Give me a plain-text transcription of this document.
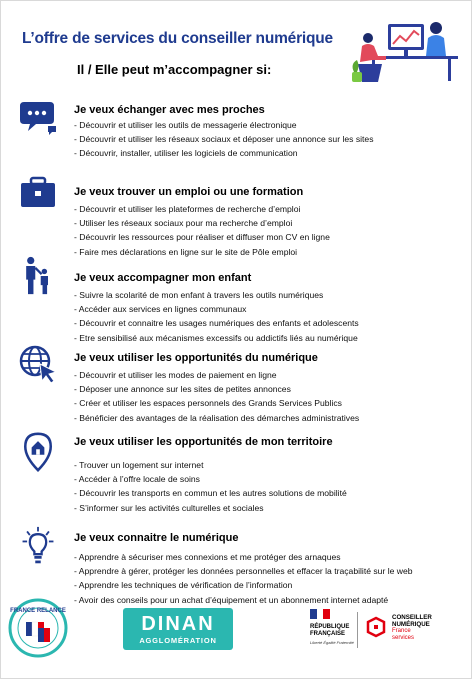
L’offre de services du conseiller numérique
Il / Elle peut m’accompagner si:
Je veux échanger avec mes proches
- Découvrir et utiliser les outils de messagerie électronique
- Découvrir et utiliser les réseaux sociaux et déposer une annonce sur les sites
- Découvrir, installer, utiliser les logiciels de communication
Je veux trouver un emploi ou une formation
- Découvrir et utiliser les plateformes de recherche d’emploi
- Utiliser les réseaux sociaux pour ma recherche d’emploi
- Découvrir les ressources pour réaliser et diffuser mon CV en ligne
- Faire mes déclarations en ligne sur le site de Pôle emploi
Je veux accompagner mon enfant
- Suivre la scolarité de mon enfant à travers les outils numériques
- Accéder aux services en lignes communaux
- Découvrir et connaitre les usages numériques des enfants et adolescents
- Etre sensibilisé aux mécanismes excessifs ou addictifs liés au numérique
Je veux utiliser les opportunités du numérique
- Découvrir et utiliser les modes de paiement en ligne
- Déposer une annonce sur les sites de petites annonces
- Créer et utiliser les espaces personnels des Grands Services Publics
- Bénéficier des avantages de la réalisation des démarches administratives
Je veux utiliser les opportunités de mon territoire
- Trouver un logement sur internet
- Accéder à l’offre locale de soins
- Découvrir les transports en commun et les autres solutions de mobilité
- S’informer sur les activités culturelles et sociales
Je veux connaitre le numérique
- Apprendre à sécuriser mes connexions et me protéger des arnaques
- Apprendre à gérer, protéger les données personnelles et effacer la traçabilité sur le web
- Apprendre les techniques de vérification de l’information
- Avoir des conseils pour un achat d’équipement et un abonnement internet adapté
FRANCE RELANCE
DINAN
AGGLOMÉRATION
RÉPUBLIQUE
FRANÇAISE
Liberté Égalité Fraternité
CONSEILLER
NUMÉRIQUE
France
services
